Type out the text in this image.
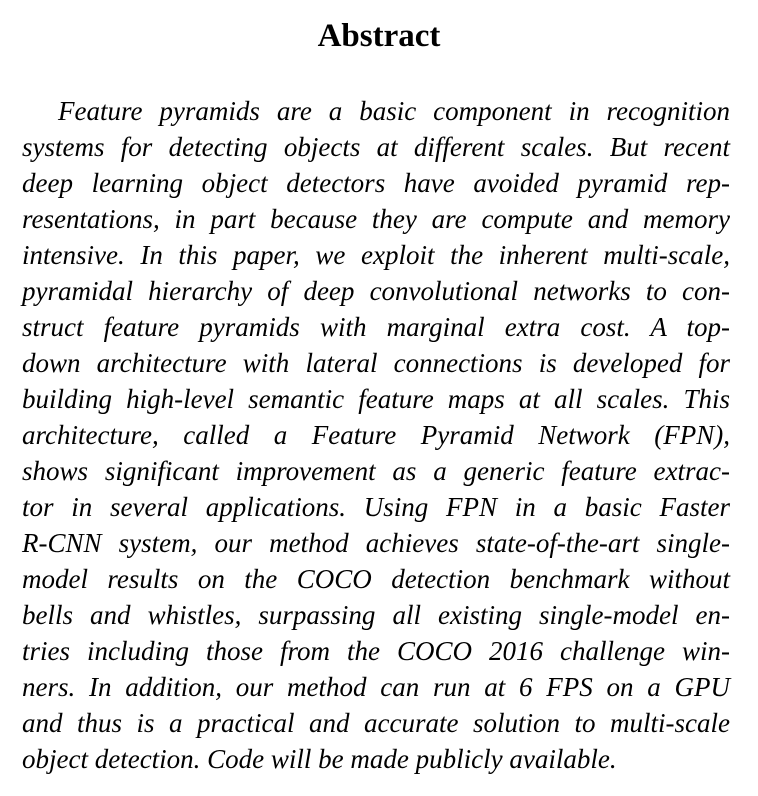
Abstract
Feature pyramids are a basic component in recognition
systems for detecting objects at different scales. But recent
deep learning object detectors have avoided pyramid rep-
resentations, in part because they are compute and memory
intensive. In this paper, we exploit the inherent multi-scale,
pyramidal hierarchy of deep convolutional networks to con-
struct feature pyramids with marginal extra cost. A top-
down architecture with lateral connections is developed for
building high-level semantic feature maps at all scales. This
architecture, called a Feature Pyramid Network (FPN),
shows significant improvement as a generic feature extrac-
tor in several applications. Using FPN in a basic Faster
R-CNN system, our method achieves state-of-the-art single-
model results on the COCO detection benchmark without
bells and whistles, surpassing all existing single-model en-
tries including those from the COCO 2016 challenge win-
ners. In addition, our method can run at 6 FPS on a GPU
and thus is a practical and accurate solution to multi-scale
object detection. Code will be made publicly available.
